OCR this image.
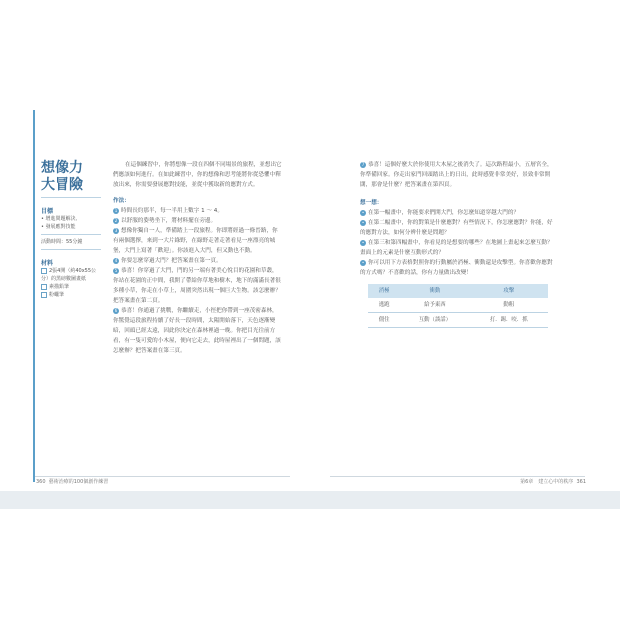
想像力
大冒險
目標
• 增進問題解決、
• 發展應對技能
活動時間：55分鐘
材料
2張4開（約40x55公分）的黑磅數圖畫紙
素描鉛筆
粉蠟筆

在這個練習中，你將想像一段在四個不同場景的旅程，並想出它們應該如何進行。在如此練習中，你的想像和思考能將你從恐懼中釋放出來，你需要發展應對技能，並從中獲取新的應對方式。

作法：

1 時間長約那半，每一半用上數字 1 ～ 4。

2 以舒服的姿勢坐下，將材料擺在旁邊。

3 想像你獨自一人，準備踏上一段旅程。你即將經過一條晉路，你有兩個選擇，來到一大片綠野，在綠野走著走著看見一座漂亮的城堡，大門上寫著「歡迎」。你該進入大門，但又動也不動。

4 你要怎麼穿過大門？把答案畫在第一頁。

5 恭喜！你穿過了大門，門的另一端有著美心悅目的花園和草叢，你站在花園的正中間，我開了帶給你草地和樹木，地下的滿滿長著很多種小草，你走在小草上，周圍突然出現一個巨大生物。該怎麼辦？把答案畫在第二頁。

6 恭喜！你通過了挑戰，你繼續走，小徑把你帶到一座茂密森林，你驚覺這段旅程持續了好長一段時間，太陽開始落下，天色逐漸變暗，回頭已經太遠，因此你決定在森林裡過一晚。你把目光往前方看，有一隻可愛的小木屋，便向它走去，此時屋裡出了一個問題，該怎麼辦？把答案畫在第三頁。

7 恭喜！這個好麼大於你使用大木屋之後消失了。這次路程最小，五層宮全，你準備回家。你走出家門回頭踏出上的日出，此時感覺非常美好，景致非常開闊，那會是什麼？把答案畫在第四頁。

想一想：

• 在第一幅畫中，你能要求們開大門，你怎麼知道穿越大門的？

• 在第二幅畫中，你的對策是什麼應對？有些情況下，你怎麼應對？你能，好的應對方法，如何分辨什麼是問題？

• 在第三和第四幅畫中，你看見的是想要的哪些？在地圖上畫起來怎麼互動？畫面上的元素是什麼互動形式的？

• 你可以用下方表格對照你的行動屬於消極、衝動還是攻擊型。你喜歡你應對的方式嗎？不喜歡的話，你有力量做出改變！

消極	衝動	攻擊
逃跑	給予東西	動粗
僵住	互動（談話）	打．踢．咬．抓
360 藝術治療的100個創作練習	第6章　建立心中的秩序 361
